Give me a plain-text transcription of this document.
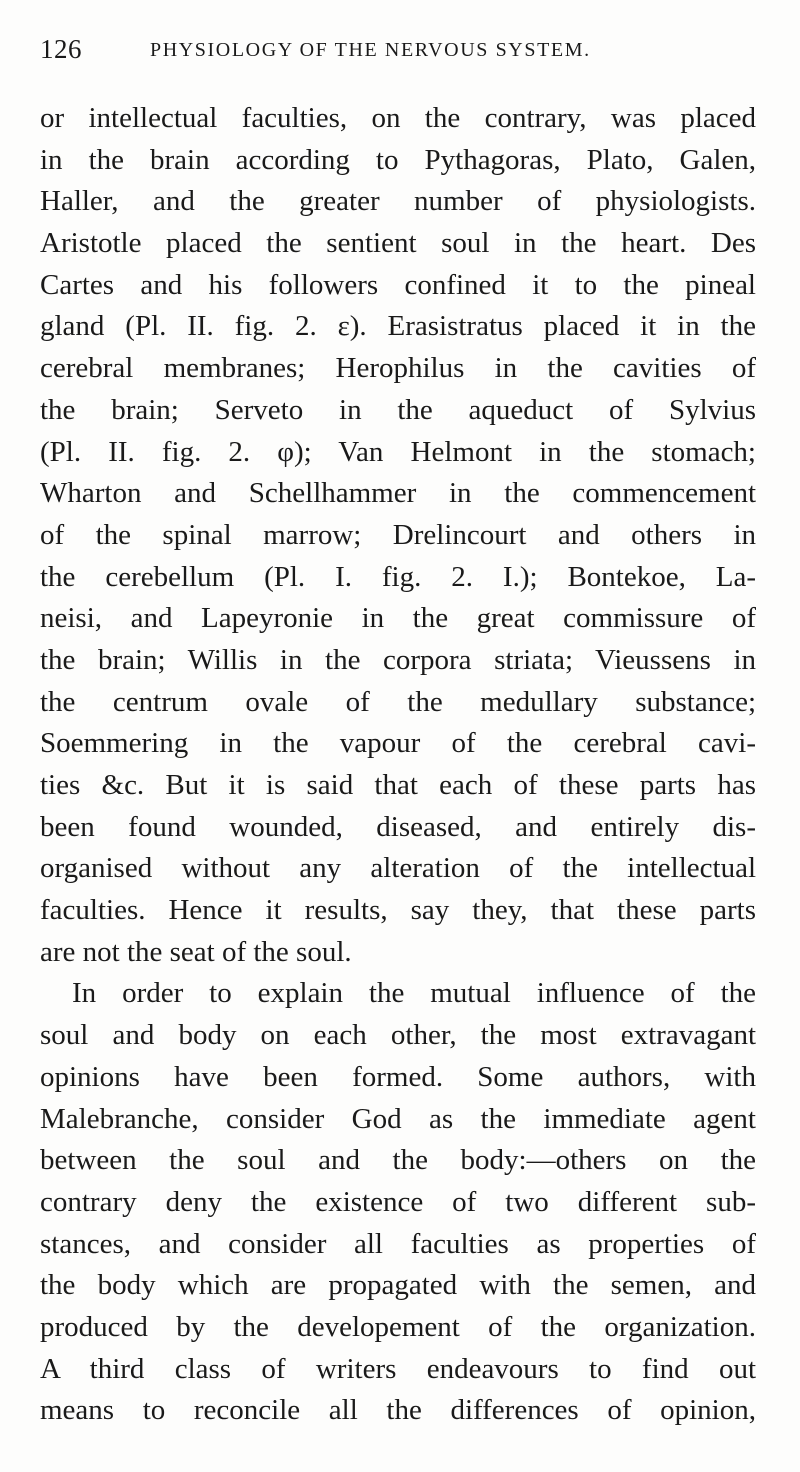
126	PHYSIOLOGY OF THE NERVOUS SYSTEM.
or intellectual faculties, on the contrary, was placed
in the brain according to Pythagoras, Plato, Galen,
Haller, and the greater number of physiologists.
Aristotle placed the sentient soul in the heart. Des
Cartes and his followers confined it to the pineal
gland (Pl. II. fig. 2. ε). Erasistratus placed it in the
cerebral membranes; Herophilus in the cavities of
the brain; Serveto in the aqueduct of Sylvius
(Pl. II. fig. 2. φ); Van Helmont in the stomach;
Wharton and Schellhammer in the commencement
of the spinal marrow; Drelincourt and others in
the cerebellum (Pl. I. fig. 2. I.); Bontekoe, La-
neisi, and Lapeyronie in the great commissure of
the brain; Willis in the corpora striata; Vieussens in
the centrum ovale of the medullary substance;
Soemmering in the vapour of the cerebral cavi-
ties &c. But it is said that each of these parts has
been found wounded, diseased, and entirely dis-
organised without any alteration of the intellectual
faculties. Hence it results, say they, that these parts
are not the seat of the soul.
In order to explain the mutual influence of the
soul and body on each other, the most extravagant
opinions have been formed. Some authors, with
Malebranche, consider God as the immediate agent
between the soul and the body:—others on the
contrary deny the existence of two different sub-
stances, and consider all faculties as properties of
the body which are propagated with the semen, and
produced by the developement of the organization.
A third class of writers endeavours to find out
means to reconcile all the differences of opinion,
